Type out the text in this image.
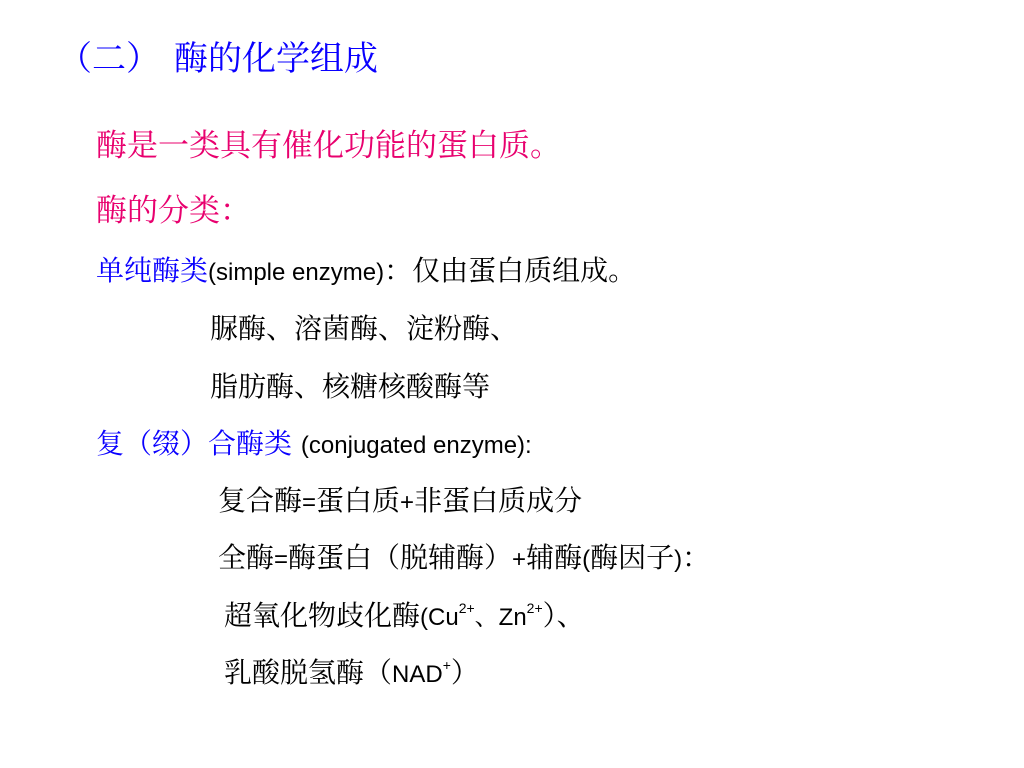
（二） 酶的化学组成
酶是一类具有催化功能的蛋白质。
酶的分类：
单纯酶类(simple enzyme)：仅由蛋白质组成。
脲酶、溶菌酶、淀粉酶、
脂肪酶、核糖核酸酶等
复（缀）合酶类 (conjugated enzyme):
复合酶=蛋白质+非蛋白质成分
全酶=酶蛋白（脱辅酶）+辅酶(酶因子)：
超氧化物歧化酶($Cu^{2+}$、$Zn^{2+}$）、
乳酸脱氢酶（NAD+）
